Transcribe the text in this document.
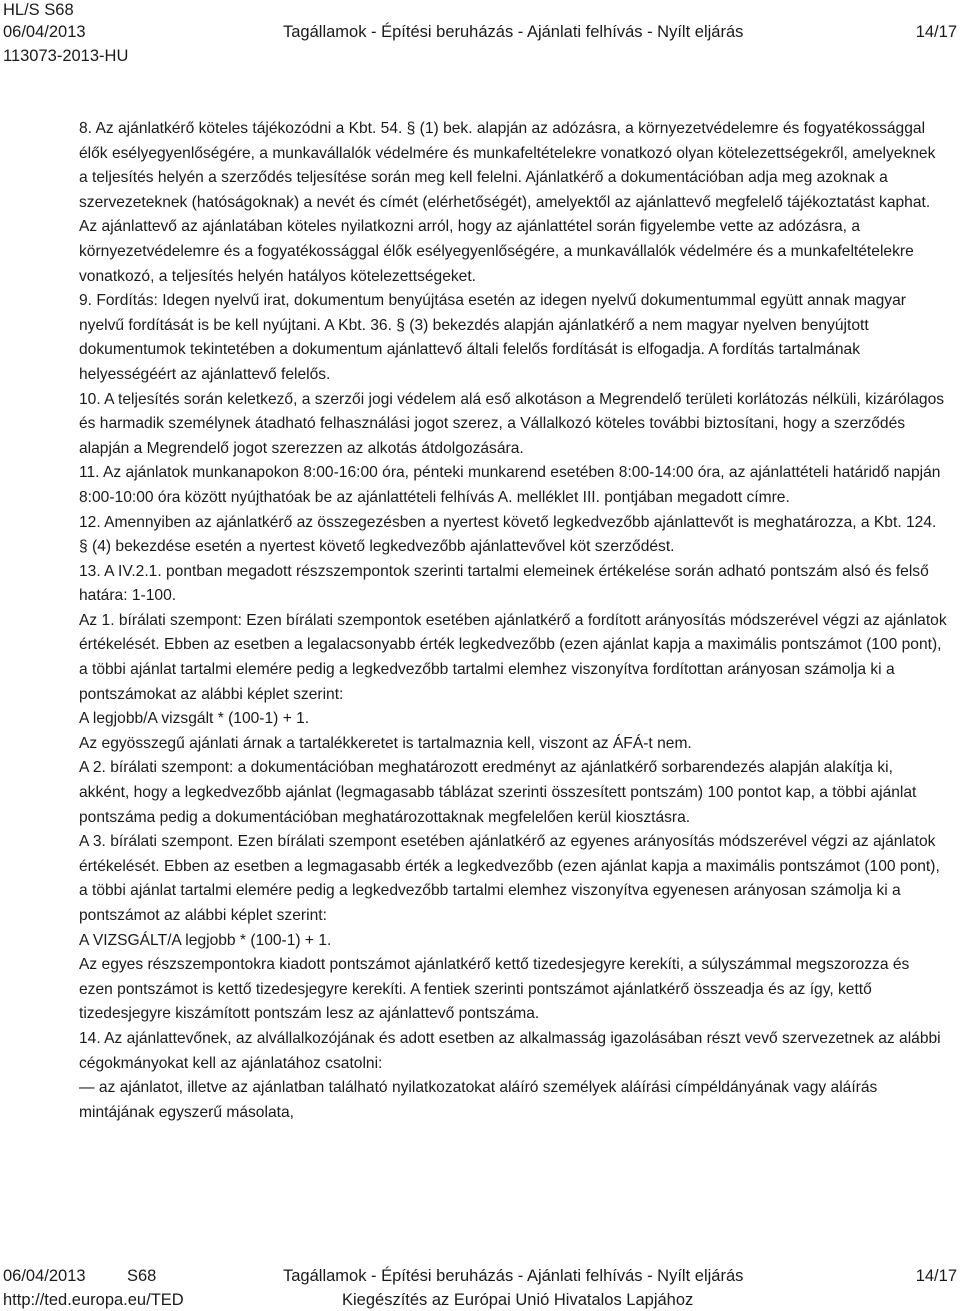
HL/S S68
06/04/2013	Tagállamok - Építési beruházás - Ajánlati felhívás - Nyílt eljárás	14/17
113073-2013-HU

8. Az ajánlatkérő köteles tájékozódni a Kbt. 54. § (1) bek. alapján az adózásra, a környezetvédelemre és fogyatékossággal élők esélyegyenlőségére, a munkavállalók védelmére és munkafeltételekre vonatkozó olyan kötelezettségekről, amelyeknek a teljesítés helyén a szerződés teljesítése során meg kell felelni. Ajánlatkérő a dokumentációban adja meg azoknak a szervezeteknek (hatóságoknak) a nevét és címét (elérhetőségét), amelyektől az ajánlattevő megfelelő tájékoztatást kaphat. Az ajánlattevő az ajánlatában köteles nyilatkozni arról, hogy az ajánlattétel során figyelembe vette az adózásra, a környezetvédelemre és a fogyatékossággal élők esélyegyenlőségére, a munkavállalók védelmére és a munkafeltételekre vonatkozó, a teljesítés helyén hatályos kötelezettségeket.

9. Fordítás: Idegen nyelvű irat, dokumentum benyújtása esetén az idegen nyelvű dokumentummal együtt annak magyar nyelvű fordítását is be kell nyújtani. A Kbt. 36. § (3) bekezdés alapján ajánlatkérő a nem magyar nyelven benyújtott dokumentumok tekintetében a dokumentum ajánlattevő általi felelős fordítását is elfogadja. A fordítás tartalmának helyességéért az ajánlattevő felelős.

10. A teljesítés során keletkező, a szerzői jogi védelem alá eső alkotáson a Megrendelő területi korlátozás nélküli, kizárólagos és harmadik személynek átadható felhasználási jogot szerez, a Vállalkozó köteles további biztosítani, hogy a szerződés alapján a Megrendelő jogot szerezzen az alkotás átdolgozására.

11. Az ajánlatok munkanapokon 8:00-16:00 óra, pénteki munkarend esetében 8:00-14:00 óra, az ajánlattételi határidő napján 8:00-10:00 óra között nyújthatóak be az ajánlattételi felhívás A. melléklet III. pontjában megadott címre.

12. Amennyiben az ajánlatkérő az összegezésben a nyertest követő legkedvezőbb ajánlattevőt is meghatározza, a Kbt. 124. § (4) bekezdése esetén a nyertest követő legkedvezőbb ajánlattevővel köt szerződést.

13. A IV.2.1. pontban megadott részszempontok szerinti tartalmi elemeinek értékelése során adható pontszám alsó és felső határa: 1-100.

Az 1. bírálati szempont: Ezen bírálati szempontok esetében ajánlatkérő a fordított arányosítás módszerével végzi az ajánlatok értékelését. Ebben az esetben a legalacsonyabb érték legkedvezőbb (ezen ajánlat kapja a maximális pontszámot (100 pont), a többi ajánlat tartalmi elemére pedig a legkedvezőbb tartalmi elemhez viszonyítva fordítottan arányosan számolja ki a pontszámokat az alábbi képlet szerint:

A legjobb/A vizsgált * (100-1) + 1.

Az egyösszegű ajánlati árnak a tartalékkeretet is tartalmaznia kell, viszont az ÁFÁ-t nem.

A 2. bírálati szempont: a dokumentációban meghatározott eredményt az ajánlatkérő sorbarendezés alapján alakítja ki, akként, hogy a legkedvezőbb ajánlat (legmagasabb táblázat szerinti összesített pontszám) 100 pontot kap, a többi ajánlat pontszáma pedig a dokumentációban meghatározottaknak megfelelően kerül kiosztásra.

A 3. bírálati szempont. Ezen bírálati szempont esetében ajánlatkérő az egyenes arányosítás módszerével végzi az ajánlatok értékelését. Ebben az esetben a legmagasabb érték a legkedvezőbb (ezen ajánlat kapja a maximális pontszámot (100 pont), a többi ajánlat tartalmi elemére pedig a legkedvezőbb tartalmi elemhez viszonyítva egyenesen arányosan számolja ki a pontszámot az alábbi képlet szerint:

A VIZSGÁLT/A legjobb * (100-1) + 1.

Az egyes részszempontokra kiadott pontszámot ajánlatkérő kettő tizedesjegyre kerekíti, a súlyszámmal megszorozza és ezen pontszámot is kettő tizedesjegyre kerekíti. A fentiek szerinti pontszámot ajánlatkérő összeadja és az így, kettő tizedesjegyre kiszámított pontszám lesz az ajánlattevő pontszáma.

14. Az ajánlattevőnek, az alvállalkozójának és adott esetben az alkalmasság igazolásában részt vevő szervezetnek az alábbi cégokmányokat kell az ajánlatához csatolni:

— az ajánlatot, illetve az ajánlatban található nyilatkozatokat aláíró személyek aláírási címpéldányának vagy aláírás mintájának egyszerű másolata,

06/04/2013	S68	Tagállamok - Építési beruházás - Ajánlati felhívás - Nyílt eljárás	14/17
http://ted.europa.eu/TED	Kiegészítés az Európai Unió Hivatalos Lapjához
